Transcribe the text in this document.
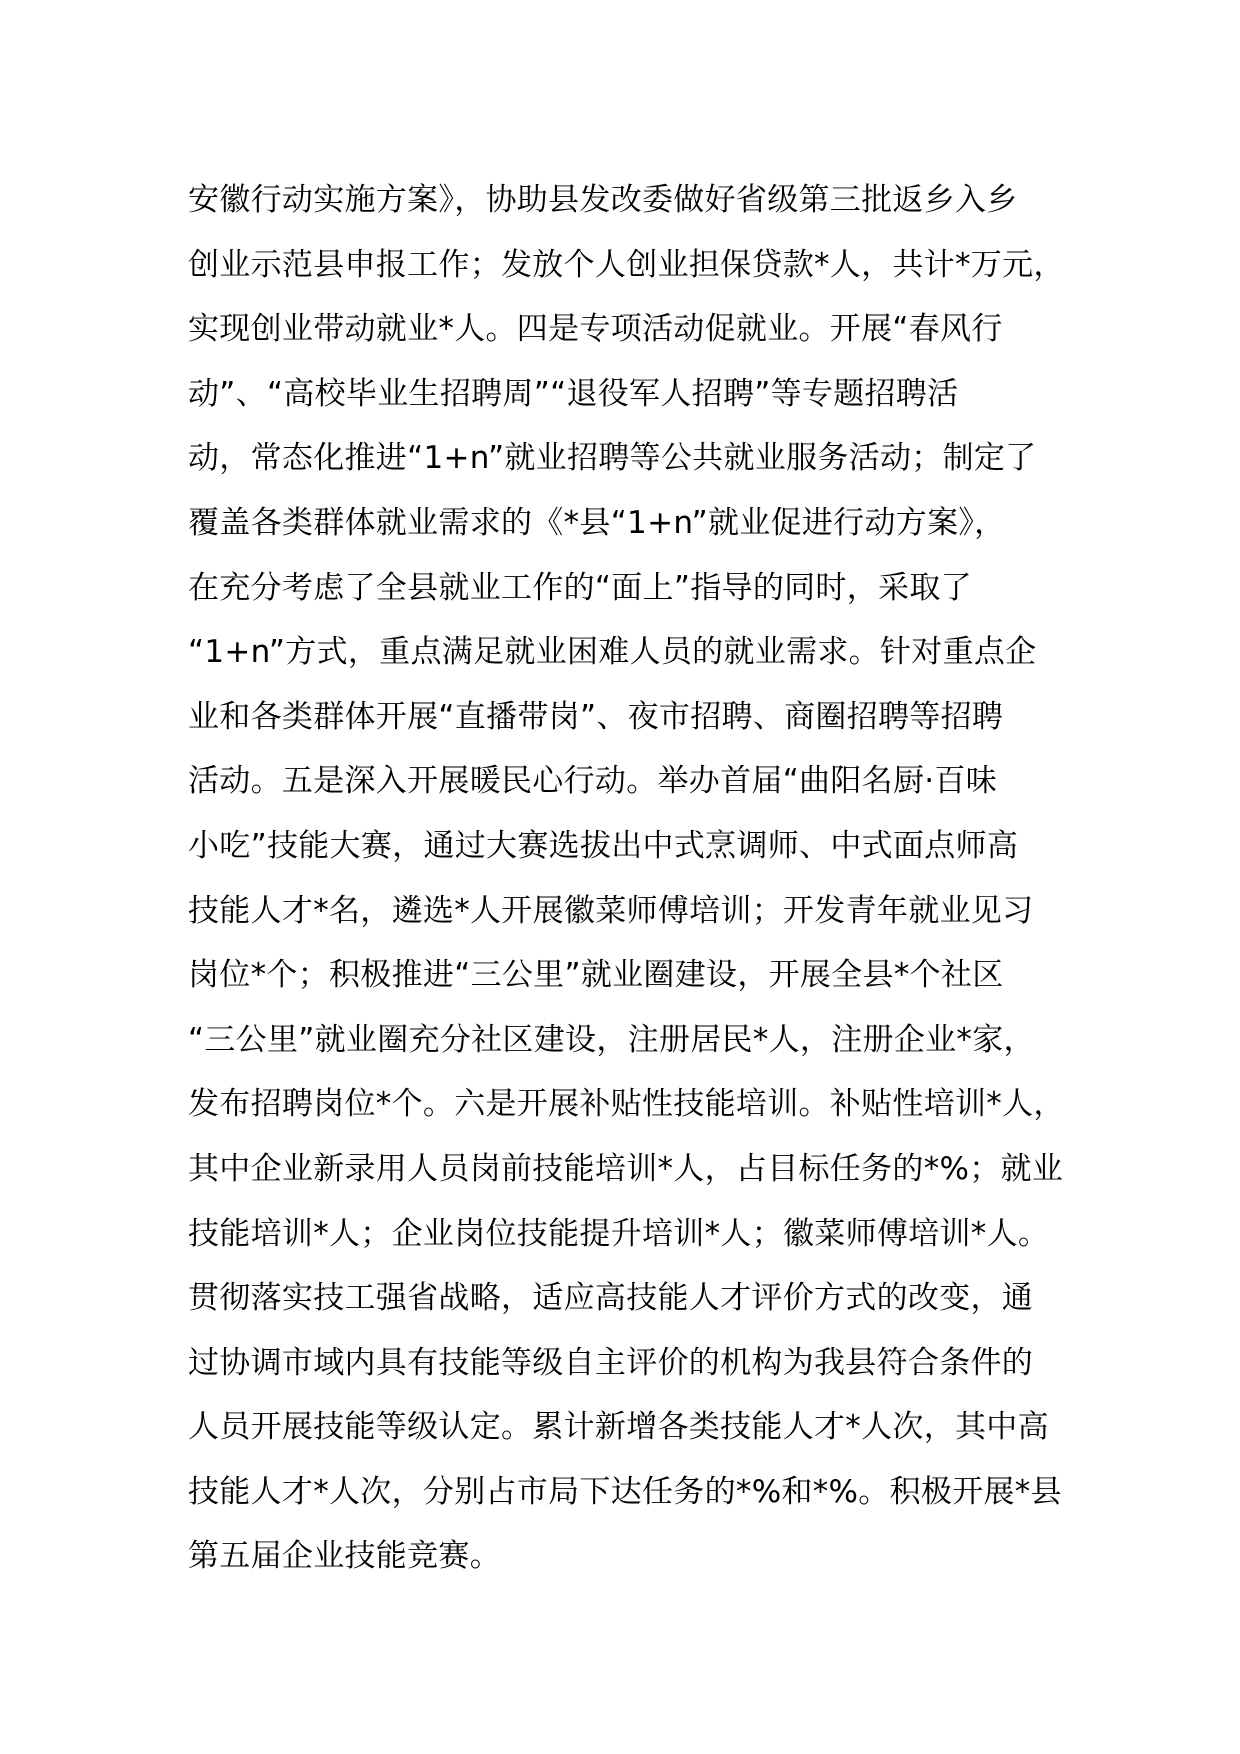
安徽行动实施方案》，协助县发改委做好省级第三批返乡入乡
创业示范县申报工作；发放个人创业担保贷款*人，共计*万元，
实现创业带动就业*人。四是专项活动促就业。开展“春风行
动”、“高校毕业生招聘周”“退役军人招聘”等专题招聘活
动，常态化推进“1+n”就业招聘等公共就业服务活动；制定了
覆盖各类群体就业需求的《*县“1+n”就业促进行动方案》，
在充分考虑了全县就业工作的“面上”指导的同时，采取了
“1+n”方式，重点满足就业困难人员的就业需求。针对重点企
业和各类群体开展“直播带岗”、夜市招聘、商圈招聘等招聘
活动。五是深入开展暖民心行动。举办首届“曲阳名厨·百味
小吃”技能大赛，通过大赛选拔出中式烹调师、中式面点师高
技能人才*名，遴选*人开展徽菜师傅培训；开发青年就业见习
岗位*个；积极推进“三公里”就业圈建设，开展全县*个社区
“三公里”就业圈充分社区建设，注册居民*人，注册企业*家，
发布招聘岗位*个。六是开展补贴性技能培训。补贴性培训*人，
其中企业新录用人员岗前技能培训*人，占目标任务的*%；就业
技能培训*人；企业岗位技能提升培训*人；徽菜师傅培训*人。
贯彻落实技工强省战略，适应高技能人才评价方式的改变，通
过协调市域内具有技能等级自主评价的机构为我县符合条件的
人员开展技能等级认定。累计新增各类技能人才*人次，其中高
技能人才*人次，分别占市局下达任务的*%和*%。积极开展*县
第五届企业技能竞赛。
